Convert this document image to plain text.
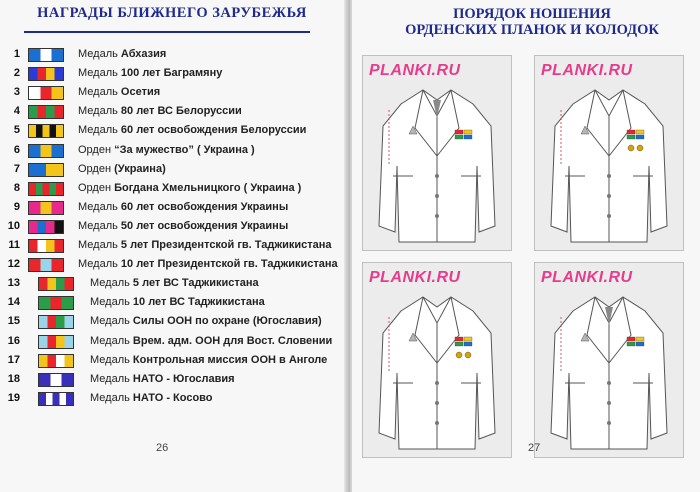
НАГРАДЫ БЛИЖНЕГО ЗАРУБЕЖЬЯ
1	Медаль Абхазия
2	Медаль 100 лет Баграмяну
3	Медаль Осетия
4	Медаль 80 лет ВС Белоруссии
5	Медаль 60 лет освобождения Белоруссии
6	Орден “За мужество” ( Украина )
7	Орден (Украина)
8	Орден Богдана Хмельницкого ( Украина )
9	Медаль 60 лет освобождения Украины
10	Медаль 50 лет освобождения Украины
11	Медаль 5 лет Президентской гв. Таджикистана
12	Медаль 10 лет Президентской гв. Таджикистана
13	Медаль 5 лет ВС Таджикистана
14	Медаль 10 лет ВС Таджикистана
15	Медаль Силы ООН по охране (Югославия)
16	Медаль Врем. адм. ООН для Вост. Словении
17	Медаль Контрольная миссия ООН в Анголе
18	Медаль НАТО - Югославия
19	Медаль НАТО - Косово
26
ПОРЯДОК НОШЕНИЯ
ОРДЕНСКИХ ПЛАНОК И КОЛОДОК
PLANKI.RU	PLANKI.RU
PLANKI.RU	PLANKI.RU
27
